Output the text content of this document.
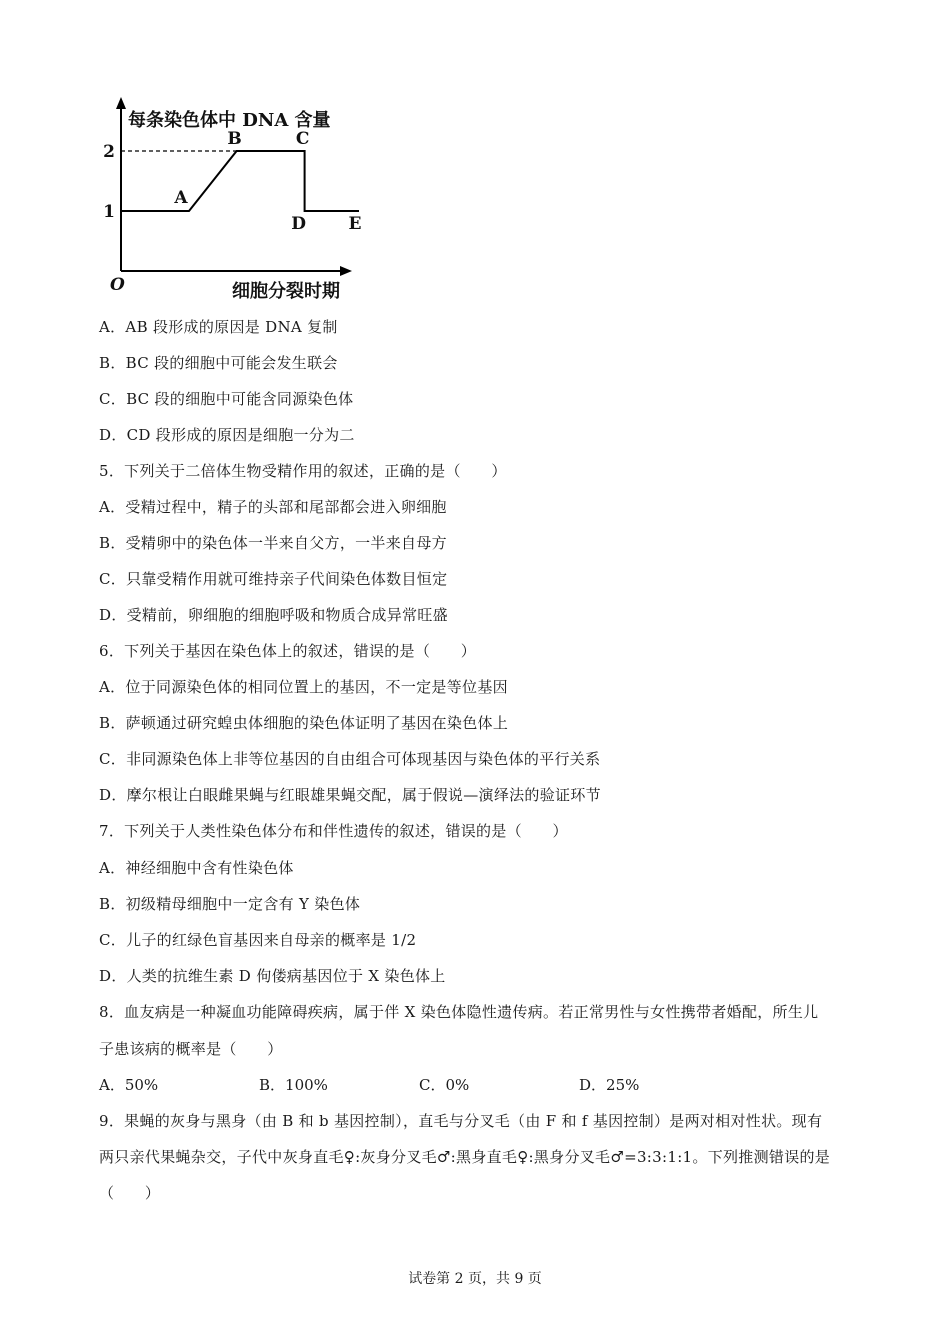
每条染色体中 DNA 含量
细胞分裂时期
O
1
2
A
B	C
D	E
A．AB 段形成的原因是 DNA 复制
B．BC 段的细胞中可能会发生联会
C．BC 段的细胞中可能含同源染色体
D．CD 段形成的原因是细胞一分为二
5．下列关于二倍体生物受精作用的叙述，正确的是（　　）
A．受精过程中，精子的头部和尾部都会进入卵细胞
B．受精卵中的染色体一半来自父方，一半来自母方
C．只靠受精作用就可维持亲子代间染色体数目恒定
D．受精前，卵细胞的细胞呼吸和物质合成异常旺盛
6．下列关于基因在染色体上的叙述，错误的是（　　）
A．位于同源染色体的相同位置上的基因，不一定是等位基因
B．萨顿通过研究蝗虫体细胞的染色体证明了基因在染色体上
C．非同源染色体上非等位基因的自由组合可体现基因与染色体的平行关系
D．摩尔根让白眼雌果蝇与红眼雄果蝇交配，属于假说—演绎法的验证环节
7．下列关于人类性染色体分布和伴性遗传的叙述，错误的是（　　）
A．神经细胞中含有性染色体
B．初级精母细胞中一定含有 Y 染色体
C．儿子的红绿色盲基因来自母亲的概率是 1/2
D．人类的抗维生素 D 佝偻病基因位于 X 染色体上
8．血友病是一种凝血功能障碍疾病，属于伴 X 染色体隐性遗传病。若正常男性与女性携带者婚配，所生儿
子患该病的概率是（　　）
A．50%	B．100%	C．0%	D．25%
9．果蝇的灰身与黑身（由 B 和 b 基因控制），直毛与分叉毛（由 F 和 f 基因控制）是两对相对性状。现有
两只亲代果蝇杂交，子代中灰身直毛♀:灰身分叉毛♂:黑身直毛♀:黑身分叉毛♂=3:3:1:1。下列推测错误的是
（　　）
试卷第 2 页，共 9 页
